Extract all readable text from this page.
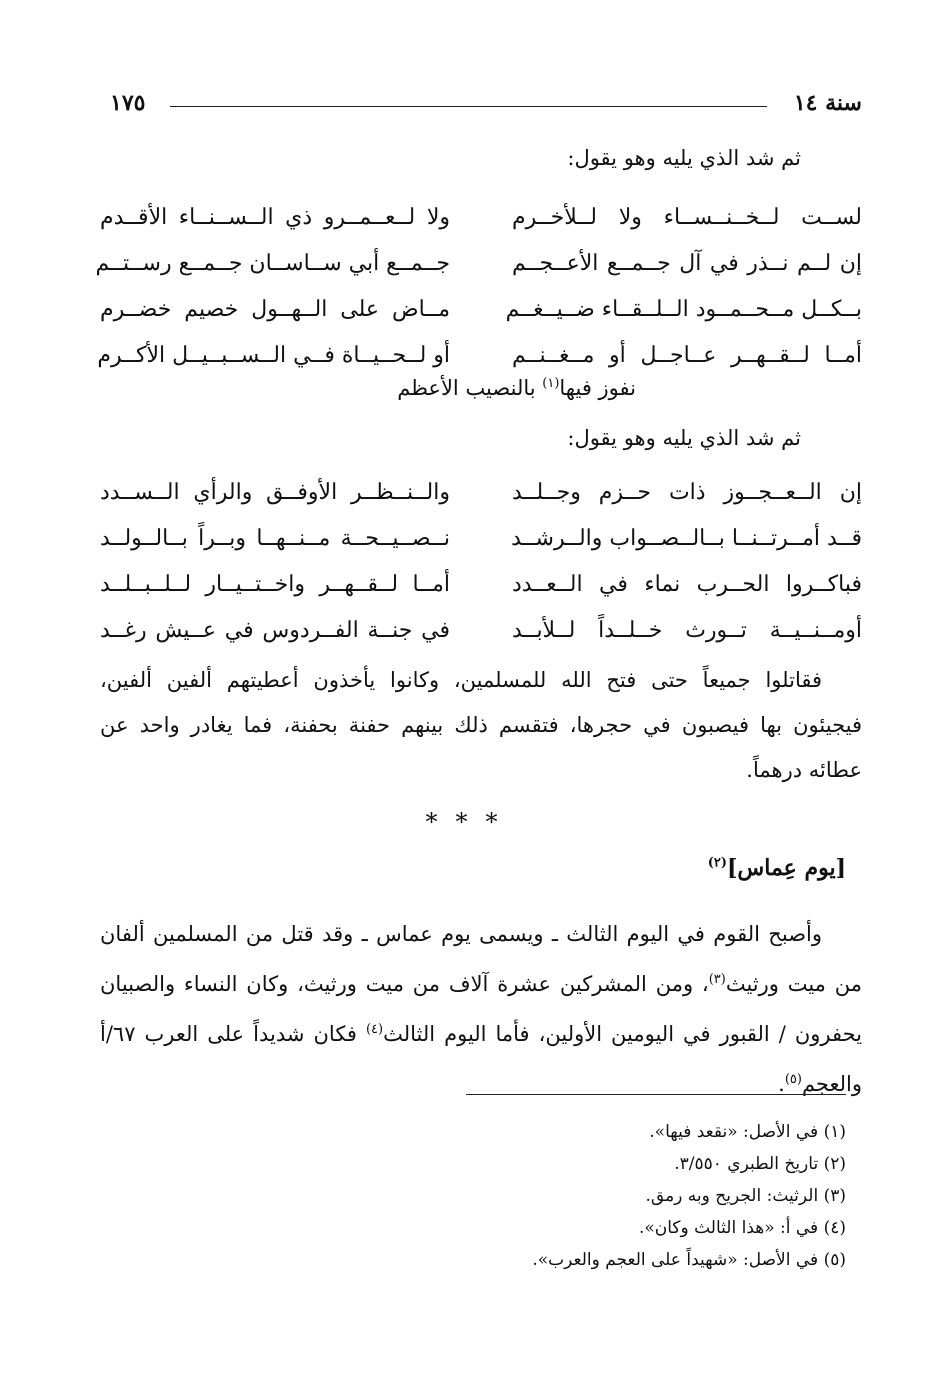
سنة ١٤
١٧٥
ثم شد الذي يليه وهو يقول:
لســت لــخــنــســاء ولا لــلأخــرم
ولا لــعــمــرو ذي الــســنــاء الأقــدم
إن لــم نــذر في آل جــمــع الأعــجــم
جــمــع أبي ســاســان جــمــع رســتــم
بــكــل مــحــمــود الــلــقــاء ضــيــغــم
مــاض على الــهــول خصيم خضــرم
أمــا لــقــهــر عــاجــل أو مــغــنــم
أو لــحــيــاة فــي الــســبــيــل الأكــرم
نفوز فيها$^{(١)}$ بالنصيب الأعظم
ثم شد الذي يليه وهو يقول:
إن الــعــجــوز ذات حــزم وجــلــد
والــنــظــر الأوفــق والرأي الــســدد
قــد أمــرتــنــا بــالــصــواب والــرشــد
نــصــيــحــة مــنــهــا وبــراً بــالــولــد
فباكــروا الحــرب نماء في الــعــدد
أمــا لــقــهــر واخــتــيــار لــلــبــلــد
أومــنــيــة تــورث خــلــداً لــلأبــد
في جنــة الفــردوس في عــيش رغــد
فقاتلوا جميعاً حتى فتح الله للمسلمين، وكانوا يأخذون أعطيتهم ألفين ألفين،
فيجيئون بها فيصبون في حجرها، فتقسم ذلك بينهم حفنة بحفنة، فما يغادر واحد عن
عطائه درهماً.
***
[يوم عِماس]$^{(٢)}$
وأصبح القوم في اليوم الثالث ـ ويسمى يوم عماس ـ وقد قتل من المسلمين ألفان
من ميت ورثيث$^{(٣)}$، ومن المشركين عشرة آلاف من ميت ورثيث، وكان النساء والصبيان
يحفرون / القبور في اليومين الأولين، فأما اليوم الثالث$^{(٤)}$ فكان شديداً على العرب ٦٧/أ
والعجم$^{(٥)}$.
(١) في الأصل: «نقعد فيها».
(٢) تاريخ الطبري ٣/٥٥٠.
(٣) الرثيث: الجريح وبه رمق.
(٤) في أ: «هذا الثالث وكان».
(٥) في الأصل: «شهيداً على العجم والعرب».
